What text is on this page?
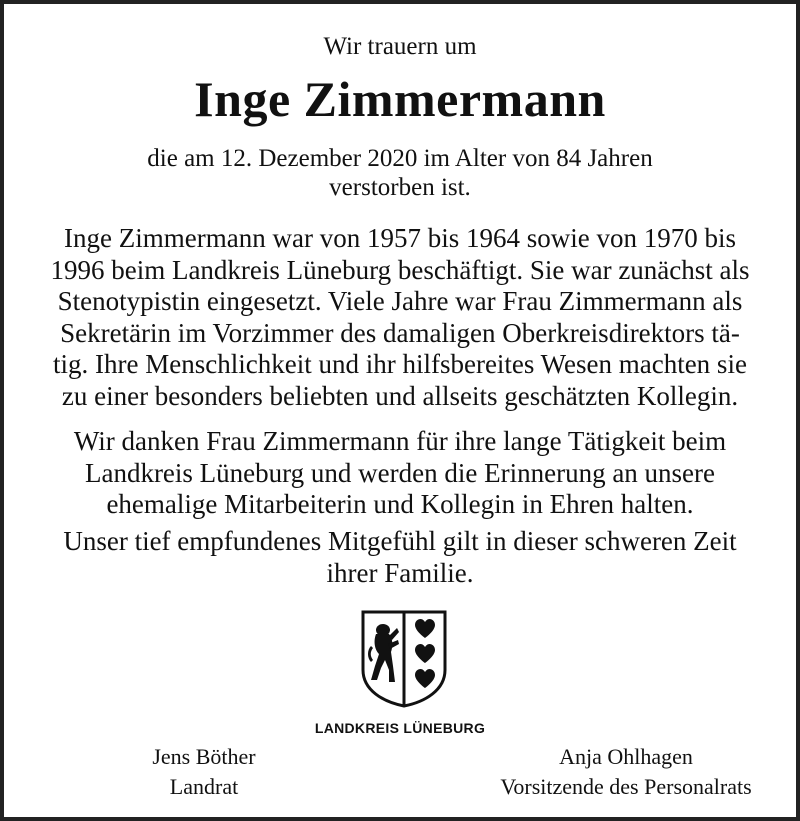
Wir trauern um
Inge Zimmermann
die am 12. Dezember 2020 im Alter von 84 Jahren
verstorben ist.
Inge Zimmermann war von 1957 bis 1964 sowie von 1970 bis
1996 beim Landkreis Lüneburg beschäftigt. Sie war zunächst als
Stenotypistin eingesetzt. Viele Jahre war Frau Zimmermann als
Sekretärin im Vorzimmer des damaligen Oberkreisdirektors tä-
tig. Ihre Menschlichkeit und ihr hilfsbereites Wesen machten sie
zu einer besonders beliebten und allseits geschätzten Kollegin.
Wir danken Frau Zimmermann für ihre lange Tätigkeit beim
Landkreis Lüneburg und werden die Erinnerung an unsere
ehemalige Mitarbeiterin und Kollegin in Ehren halten.
Unser tief empfundenes Mitgefühl gilt in dieser schweren Zeit
ihrer Familie.
LANDKREIS LÜNEBURG
Jens Böther
Landrat
Anja Ohlhagen
Vorsitzende des Personalrats
